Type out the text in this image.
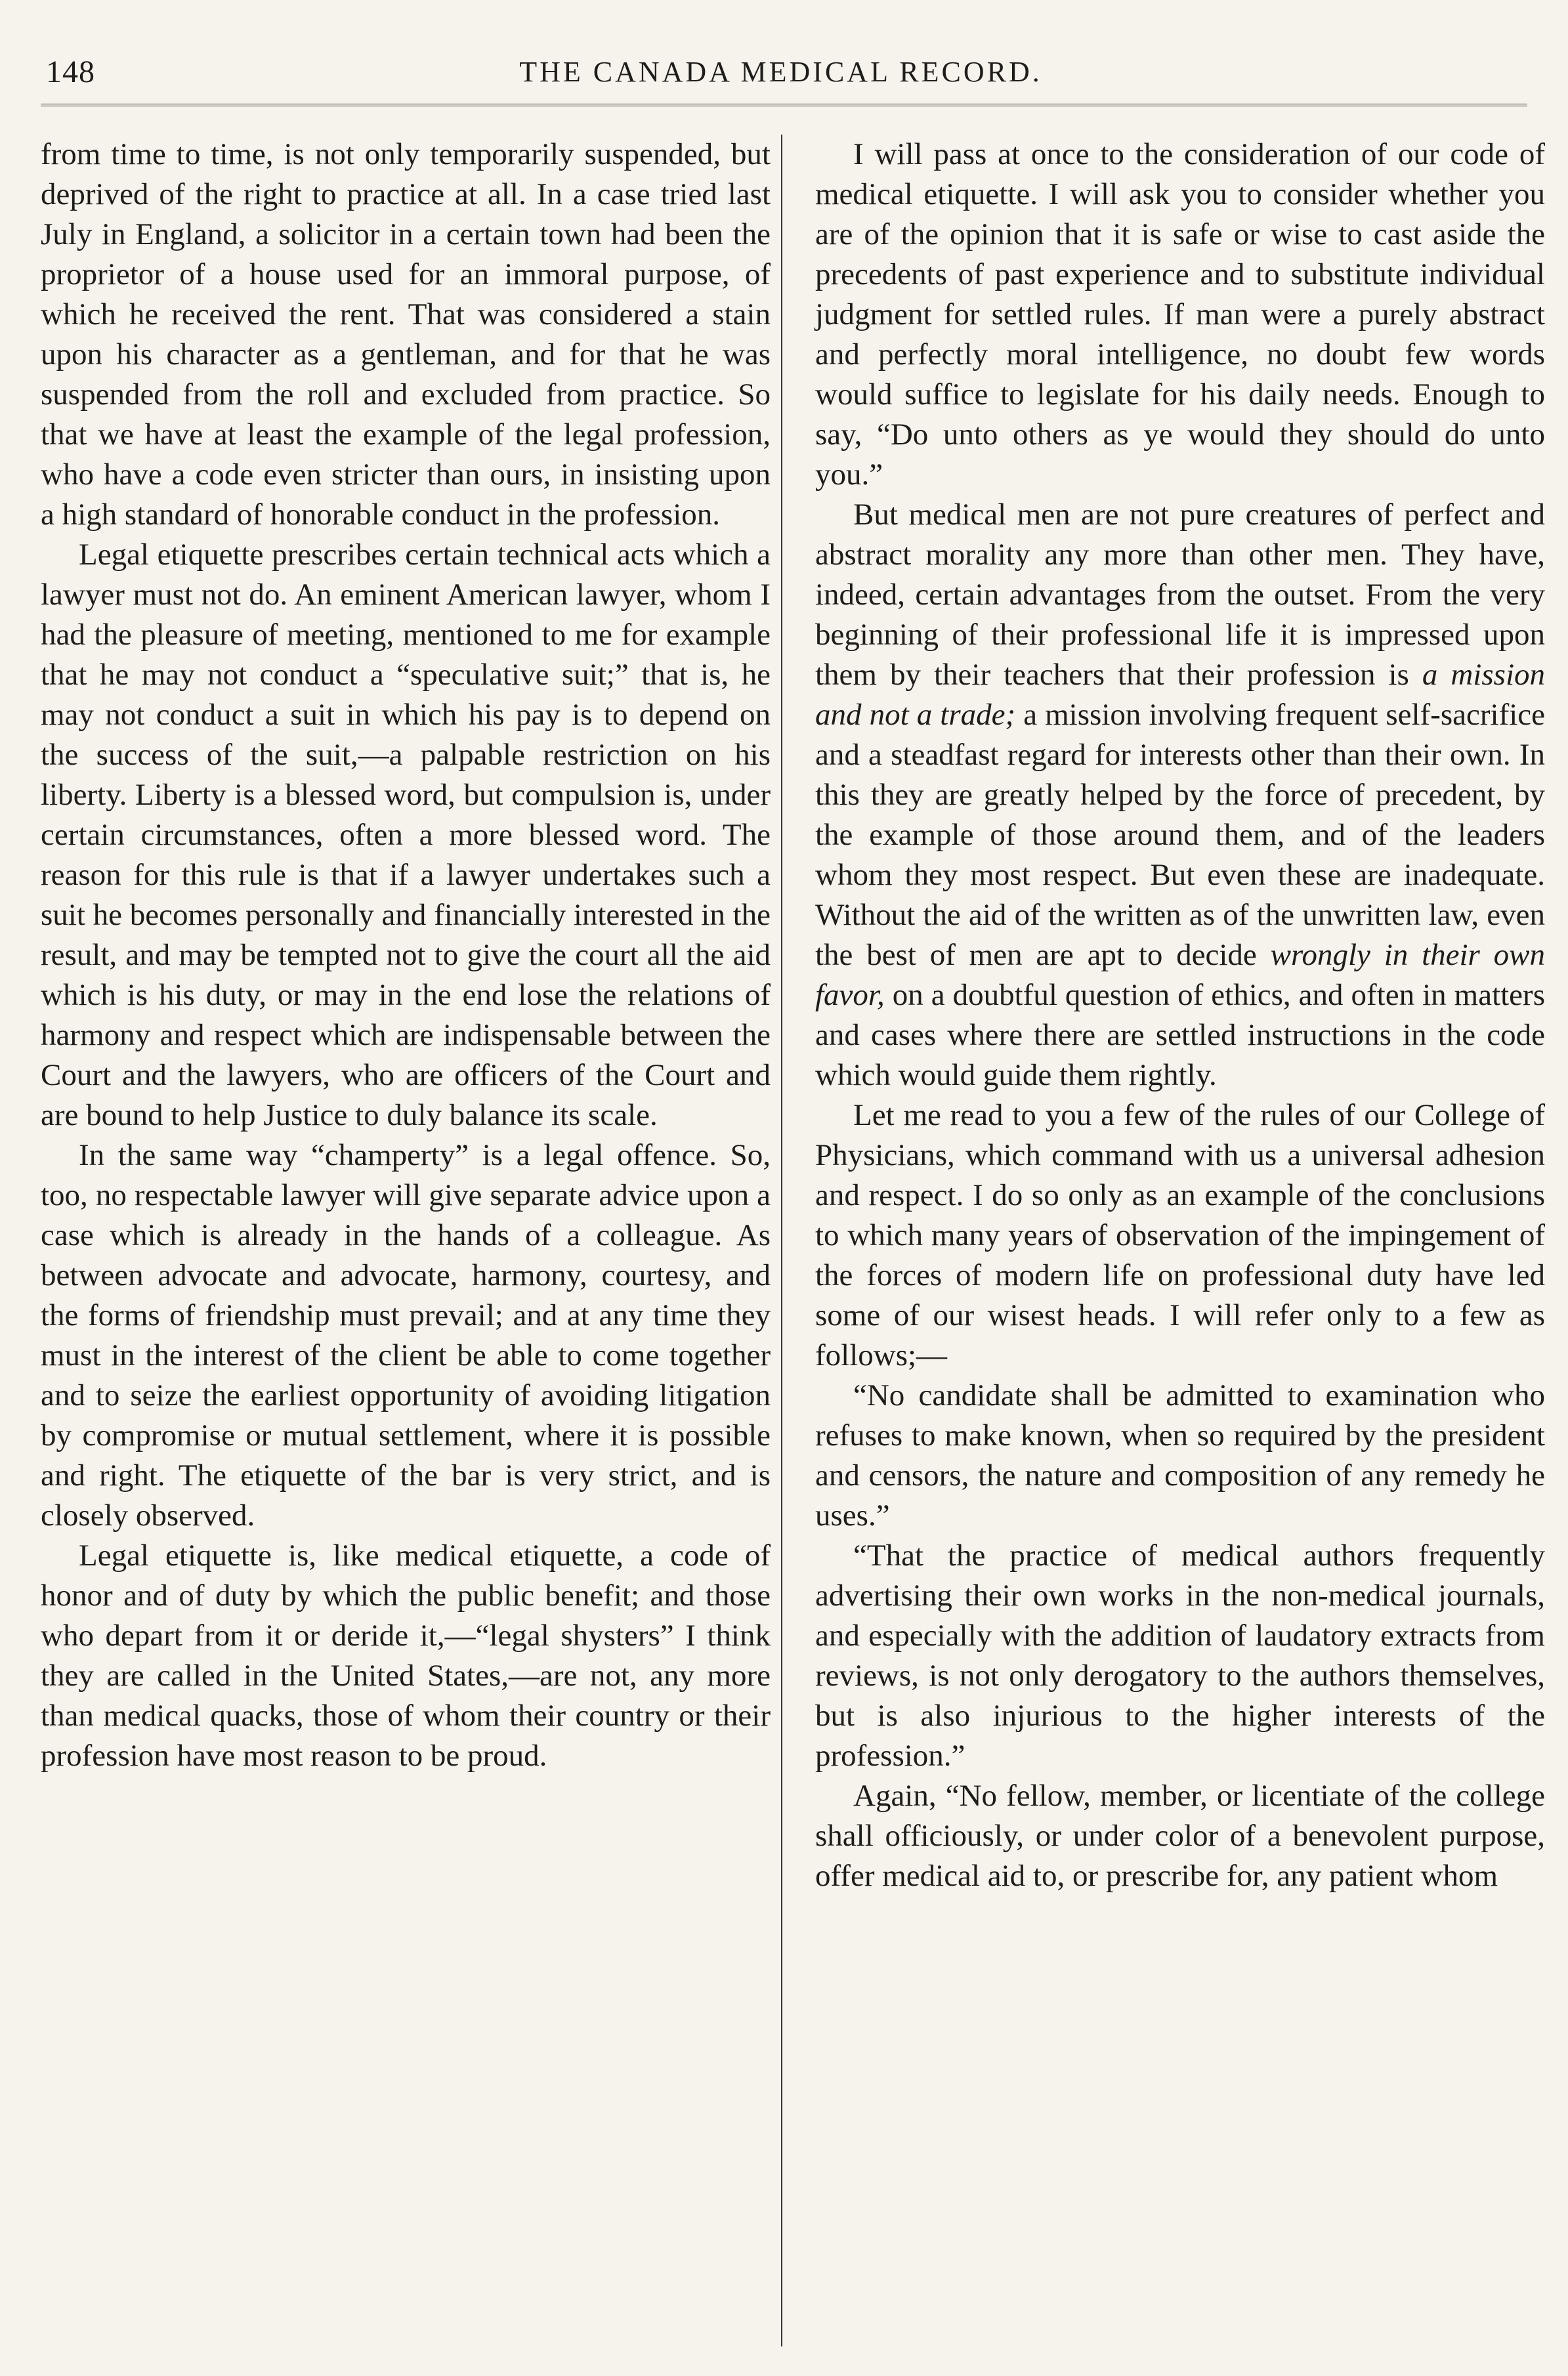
148	THE CANADA MEDICAL RECORD.

from time to time, is not only temporarily suspended, but deprived of the right to practice at all. In a case tried last July in England, a solicitor in a certain town had been the proprietor of a house used for an immoral purpose, of which he received the rent. That was considered a stain upon his character as a gentleman, and for that he was suspended from the roll and excluded from practice. So that we have at least the example of the legal profession, who have a code even stricter than ours, in insisting upon a high standard of honorable conduct in the profession.

Legal etiquette prescribes certain technical acts which a lawyer must not do. An eminent American lawyer, whom I had the pleasure of meeting, mentioned to me for example that he may not conduct a “speculative suit;” that is, he may not conduct a suit in which his pay is to depend on the success of the suit,—a palpable restriction on his liberty. Liberty is a blessed word, but compulsion is, under certain circumstances, often a more blessed word. The reason for this rule is that if a lawyer undertakes such a suit he becomes personally and financially interested in the result, and may be tempted not to give the court all the aid which is his duty, or may in the end lose the relations of harmony and respect which are indispensable between the Court and the lawyers, who are officers of the Court and are bound to help Justice to duly balance its scale.

In the same way “champerty” is a legal offence. So, too, no respectable lawyer will give separate advice upon a case which is already in the hands of a colleague. As between advocate and advocate, harmony, courtesy, and the forms of friendship must prevail; and at any time they must in the interest of the client be able to come together and to seize the earliest opportunity of avoiding litigation by compromise or mutual settlement, where it is possible and right. The etiquette of the bar is very strict, and is closely observed.

Legal etiquette is, like medical etiquette, a code of honor and of duty by which the public benefit; and those who depart from it or deride it,—“legal shysters” I think they are called in the United States,—are not, any more than medical quacks, those of whom their country or their profession have most reason to be proud.

I will pass at once to the consideration of our code of medical etiquette. I will ask you to consider whether you are of the opinion that it is safe or wise to cast aside the precedents of past experience and to substitute individual judgment for settled rules. If man were a purely abstract and perfectly moral intelligence, no doubt few words would suffice to legislate for his daily needs. Enough to say, “Do unto others as ye would they should do unto you.”

But medical men are not pure creatures of perfect and abstract morality any more than other men. They have, indeed, certain advantages from the outset. From the very beginning of their professional life it is impressed upon them by their teachers that their profession is a mission and not a trade; a mission involving frequent self-sacrifice and a steadfast regard for interests other than their own. In this they are greatly helped by the force of precedent, by the example of those around them, and of the leaders whom they most respect. But even these are inadequate. Without the aid of the written as of the unwritten law, even the best of men are apt to decide wrongly in their own favor, on a doubtful question of ethics, and often in matters and cases where there are settled instructions in the code which would guide them rightly.

Let me read to you a few of the rules of our College of Physicians, which command with us a universal adhesion and respect. I do so only as an example of the conclusions to which many years of observation of the impingement of the forces of modern life on professional duty have led some of our wisest heads. I will refer only to a few as follows;—

“No candidate shall be admitted to examination who refuses to make known, when so required by the president and censors, the nature and composition of any remedy he uses.”

“That the practice of medical authors frequently advertising their own works in the non-medical journals, and especially with the addition of laudatory extracts from reviews, is not only derogatory to the authors themselves, but is also injurious to the higher interests of the profession.”

Again, “No fellow, member, or licentiate of the college shall officiously, or under color of a benevolent purpose, offer medical aid to, or prescribe for, any patient whom
